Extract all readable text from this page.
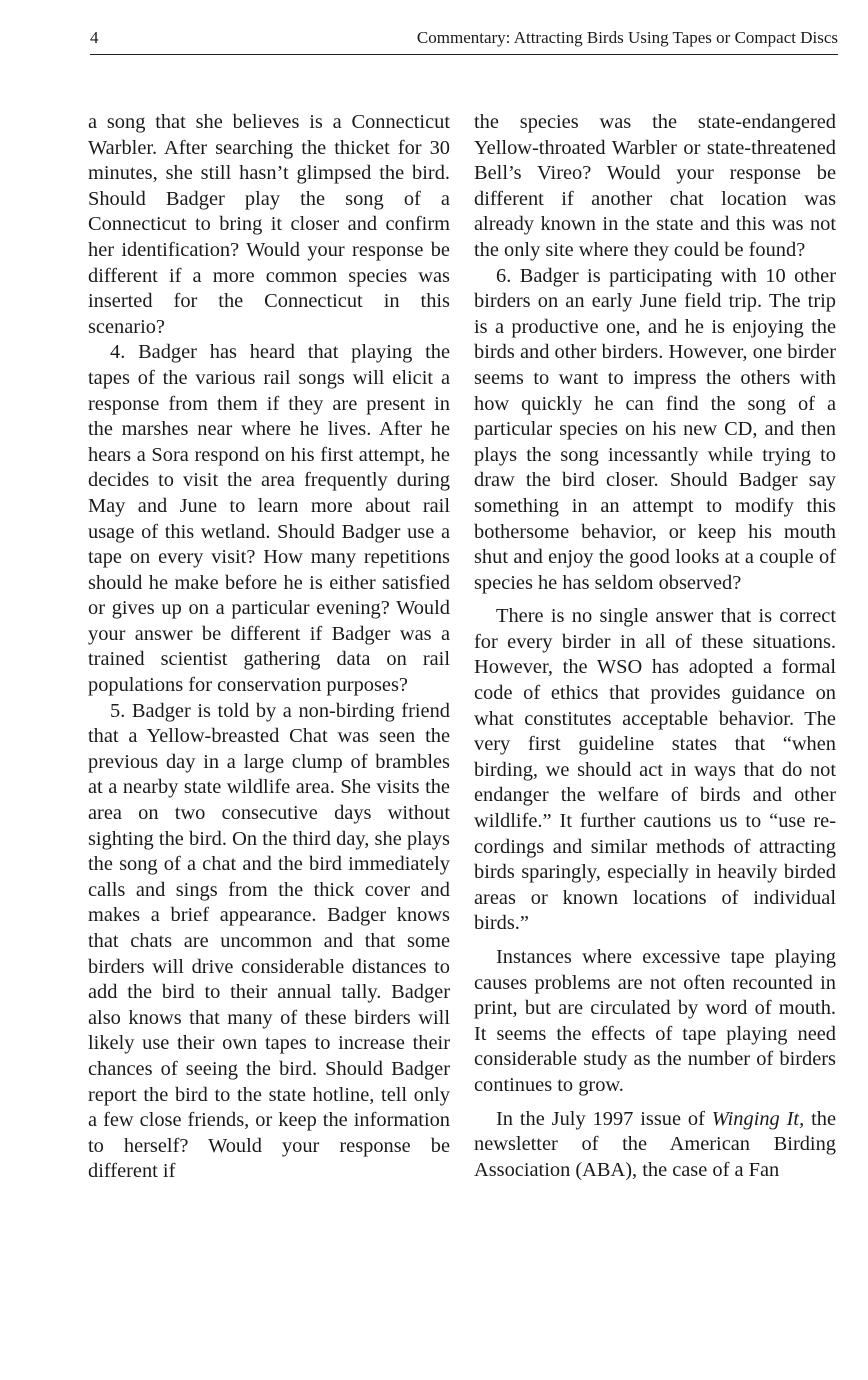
4	Commentary: Attracting Birds Using Tapes or Compact Discs

a song that she believes is a Connecticut Warbler. After searching the thicket for 30 minutes, she still hasn’t glimpsed the bird. Should Badger play the song of a Connecticut to bring it closer and confirm her identification? Would your response be different if a more common species was inserted for the Connecticut in this scenario?

4. Badger has heard that playing the tapes of the various rail songs will elicit a response from them if they are present in the marshes near where he lives. After he hears a Sora respond on his first attempt, he decides to visit the area frequently during May and June to learn more about rail usage of this wetland. Should Badger use a tape on every visit? How many repetitions should he make before he is either satisfied or gives up on a particular evening? Would your answer be different if Badger was a trained scientist gathering data on rail populations for conservation purposes?

5. Badger is told by a non-birding friend that a Yellow-breasted Chat was seen the previous day in a large clump of brambles at a nearby state wildlife area. She visits the area on two consecutive days without sighting the bird. On the third day, she plays the song of a chat and the bird immediately calls and sings from the thick cover and makes a brief appearance. Badger knows that chats are uncommon and that some birders will drive considerable distances to add the bird to their annual tally. Badger also knows that many of these birders will likely use their own tapes to increase their chances of seeing the bird. Should Badger report the bird to the state hotline, tell only a few close friends, or keep the information to herself? Would your response be different if

the species was the state-endangered Yellow-throated Warbler or state-threatened Bell’s Vireo? Would your response be different if another chat location was already known in the state and this was not the only site where they could be found?

6. Badger is participating with 10 other birders on an early June field trip. The trip is a productive one, and he is enjoying the birds and other birders. However, one birder seems to want to impress the others with how quickly he can find the song of a particular species on his new CD, and then plays the song incessantly while trying to draw the bird closer. Should Badger say something in an attempt to modify this bothersome behavior, or keep his mouth shut and enjoy the good looks at a couple of species he has seldom observed?

There is no single answer that is correct for every birder in all of these situations. However, the WSO has adopted a formal code of ethics that provides guidance on what constitutes acceptable behavior. The very first guideline states that “when birding, we should act in ways that do not endanger the welfare of birds and other wildlife.” It further cautions us to “use recordings and similar methods of attracting birds sparingly, especially in heavily birded areas or known locations of individual birds.”

Instances where excessive tape playing causes problems are not often recounted in print, but are circulated by word of mouth. It seems the effects of tape playing need considerable study as the number of birders continues to grow.

In the July 1997 issue of Winging It, the newsletter of the American Birding Association (ABA), the case of a Fan
